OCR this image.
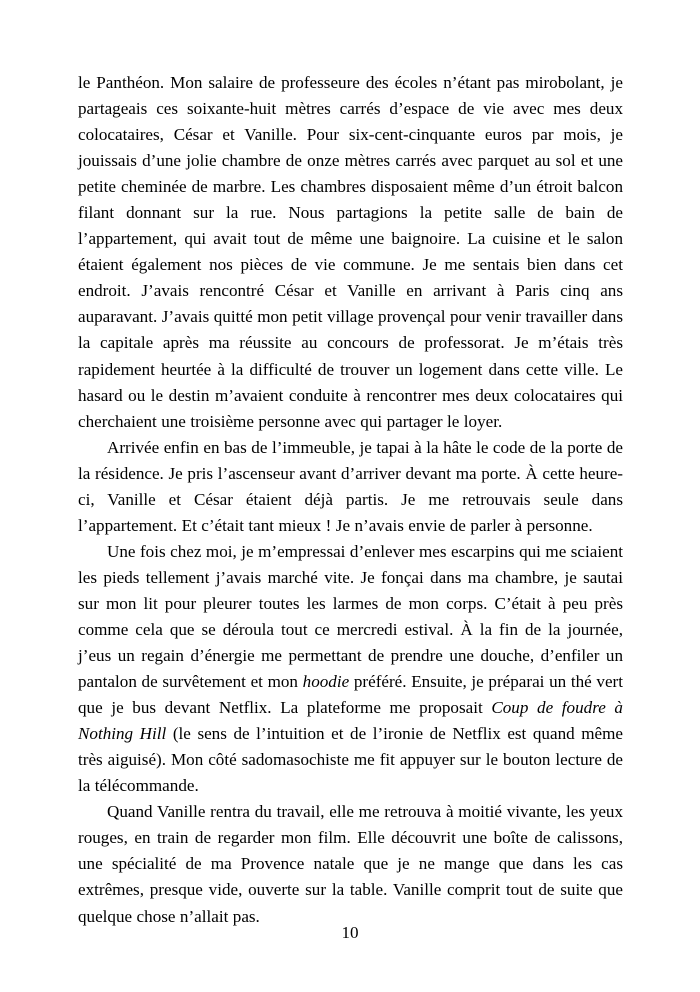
le Panthéon. Mon salaire de professeure des écoles n’étant pas mirobolant, je partageais ces soixante-huit mètres carrés d’espace de vie avec mes deux colocataires, César et Vanille. Pour six-cent-cinquante euros par mois, je jouissais d’une jolie chambre de onze mètres carrés avec parquet au sol et une petite cheminée de marbre. Les chambres disposaient même d’un étroit balcon filant donnant sur la rue. Nous partagions la petite salle de bain de l’appartement, qui avait tout de même une baignoire. La cuisine et le salon étaient également nos pièces de vie commune. Je me sentais bien dans cet endroit. J’avais rencontré César et Vanille en arrivant à Paris cinq ans auparavant. J’avais quitté mon petit village provençal pour venir travailler dans la capitale après ma réussite au concours de professorat. Je m’étais très rapidement heurtée à la difficulté de trouver un logement dans cette ville. Le hasard ou le destin m’avaient conduite à rencontrer mes deux colocataires qui cherchaient une troisième personne avec qui partager le loyer.

Arrivée enfin en bas de l’immeuble, je tapai à la hâte le code de la porte de la résidence. Je pris l’ascenseur avant d’arriver devant ma porte. À cette heure-ci, Vanille et César étaient déjà partis. Je me retrouvais seule dans l’appartement. Et c’était tant mieux ! Je n’avais envie de parler à personne.

Une fois chez moi, je m’empressai d’enlever mes escarpins qui me sciaient les pieds tellement j’avais marché vite. Je fonçai dans ma chambre, je sautai sur mon lit pour pleurer toutes les larmes de mon corps. C’était à peu près comme cela que se déroula tout ce mercredi estival. À la fin de la journée, j’eus un regain d’énergie me permettant de prendre une douche, d’enfiler un pantalon de survêtement et mon hoodie préféré. Ensuite, je préparai un thé vert que je bus devant Netflix. La plateforme me proposait Coup de foudre à Nothing Hill (le sens de l’intuition et de l’ironie de Netflix est quand même très aiguisé). Mon côté sadomasochiste me fit appuyer sur le bouton lecture de la télécommande.

Quand Vanille rentra du travail, elle me retrouva à moitié vivante, les yeux rouges, en train de regarder mon film. Elle découvrit une boîte de calissons, une spécialité de ma Provence natale que je ne mange que dans les cas extrêmes, presque vide, ouverte sur la table. Vanille comprit tout de suite que quelque chose n’allait pas.

10
